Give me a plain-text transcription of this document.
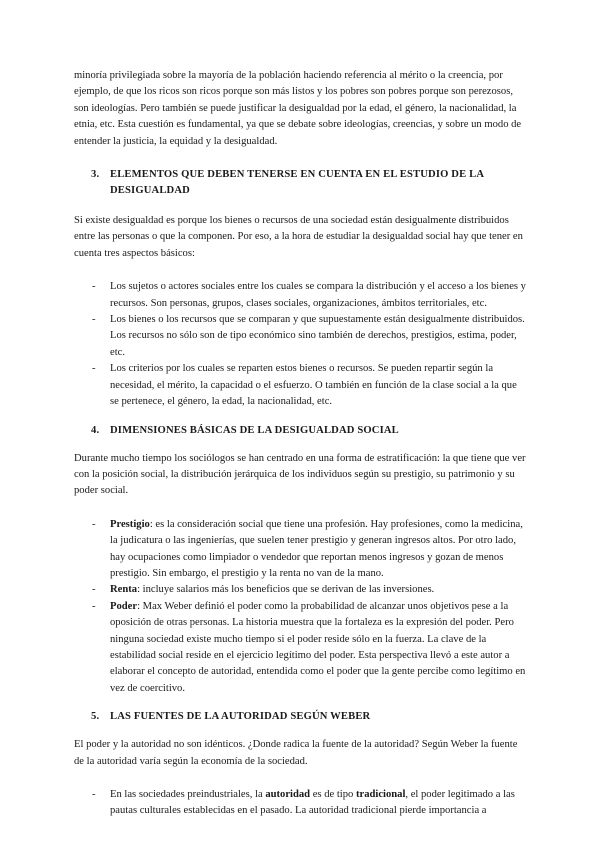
minoría privilegiada sobre la mayoría de la población haciendo referencia al mérito o la creencia, por ejemplo, de que los ricos son ricos porque son más listos y los pobres son pobres porque son perezosos, son ideologías. Pero también se puede justificar la desigualdad por la edad, el género, la nacionalidad, la etnia, etc. Esta cuestión es fundamental, ya que se debate sobre ideologías, creencias, y sobre un modo de entender la justicia, la equidad y la desigualdad.

3.	ELEMENTOS QUE DEBEN TENERSE EN CUENTA EN EL ESTUDIO DE LA DESIGUALDAD

Si existe desigualdad es porque los bienes o recursos de una sociedad están desigualmente distribuidos entre las personas o que la componen. Por eso, a la hora de estudiar la desigualdad social hay que tener en cuenta tres aspectos básicos:

- Los sujetos o actores sociales entre los cuales se compara la distribución y el acceso a los bienes y recursos. Son personas, grupos, clases sociales, organizaciones, ámbitos territoriales, etc.
- Los bienes o los recursos que se comparan y que supuestamente están desigualmente distribuidos. Los recursos no sólo son de tipo económico sino también de derechos, prestigios, estima, poder, etc.
- Los criterios por los cuales se reparten estos bienes o recursos. Se pueden repartir según la necesidad, el mérito, la capacidad o el esfuerzo. O también en función de la clase social a la que se pertenece, el género, la edad, la nacionalidad, etc.
4.	DIMENSIONES BÁSICAS DE LA DESIGUALDAD SOCIAL

Durante mucho tiempo los sociólogos se han centrado en una forma de estratificación: la que tiene que ver con la posición social, la distribución jerárquica de los individuos según su prestigio, su patrimonio y su poder social.

- Prestigio: es la consideración social que tiene una profesión. Hay profesiones, como la medicina, la judicatura o las ingenierías, que suelen tener prestigio y generan ingresos altos. Por otro lado, hay ocupaciones como limpiador o vendedor que reportan menos ingresos y gozan de menos prestigio. Sin embargo, el prestigio y la renta no van de la mano.
- Renta: incluye salarios más los beneficios que se derivan de las inversiones.
- Poder: Max Weber definió el poder como la probabilidad de alcanzar unos objetivos pese a la oposición de otras personas. La historia muestra que la fortaleza es la expresión del poder. Pero ninguna sociedad existe mucho tiempo si el poder reside sólo en la fuerza. La clave de la estabilidad social reside en el ejercicio legítimo del poder. Esta perspectiva llevó a este autor a elaborar el concepto de autoridad, entendida como el poder que la gente percibe como legítimo en vez de coercitivo.
5.	LAS FUENTES DE LA AUTORIDAD SEGÚN WEBER

El poder y la autoridad no son idénticos. ¿Donde radica la fuente de la autoridad? Según Weber la fuente de la autoridad varía según la economía de la sociedad.

- En las sociedades preindustriales, la autoridad es de tipo tradicional, el poder legitimado a las pautas culturales establecidas en el pasado. La autoridad tradicional pierde importancia a
